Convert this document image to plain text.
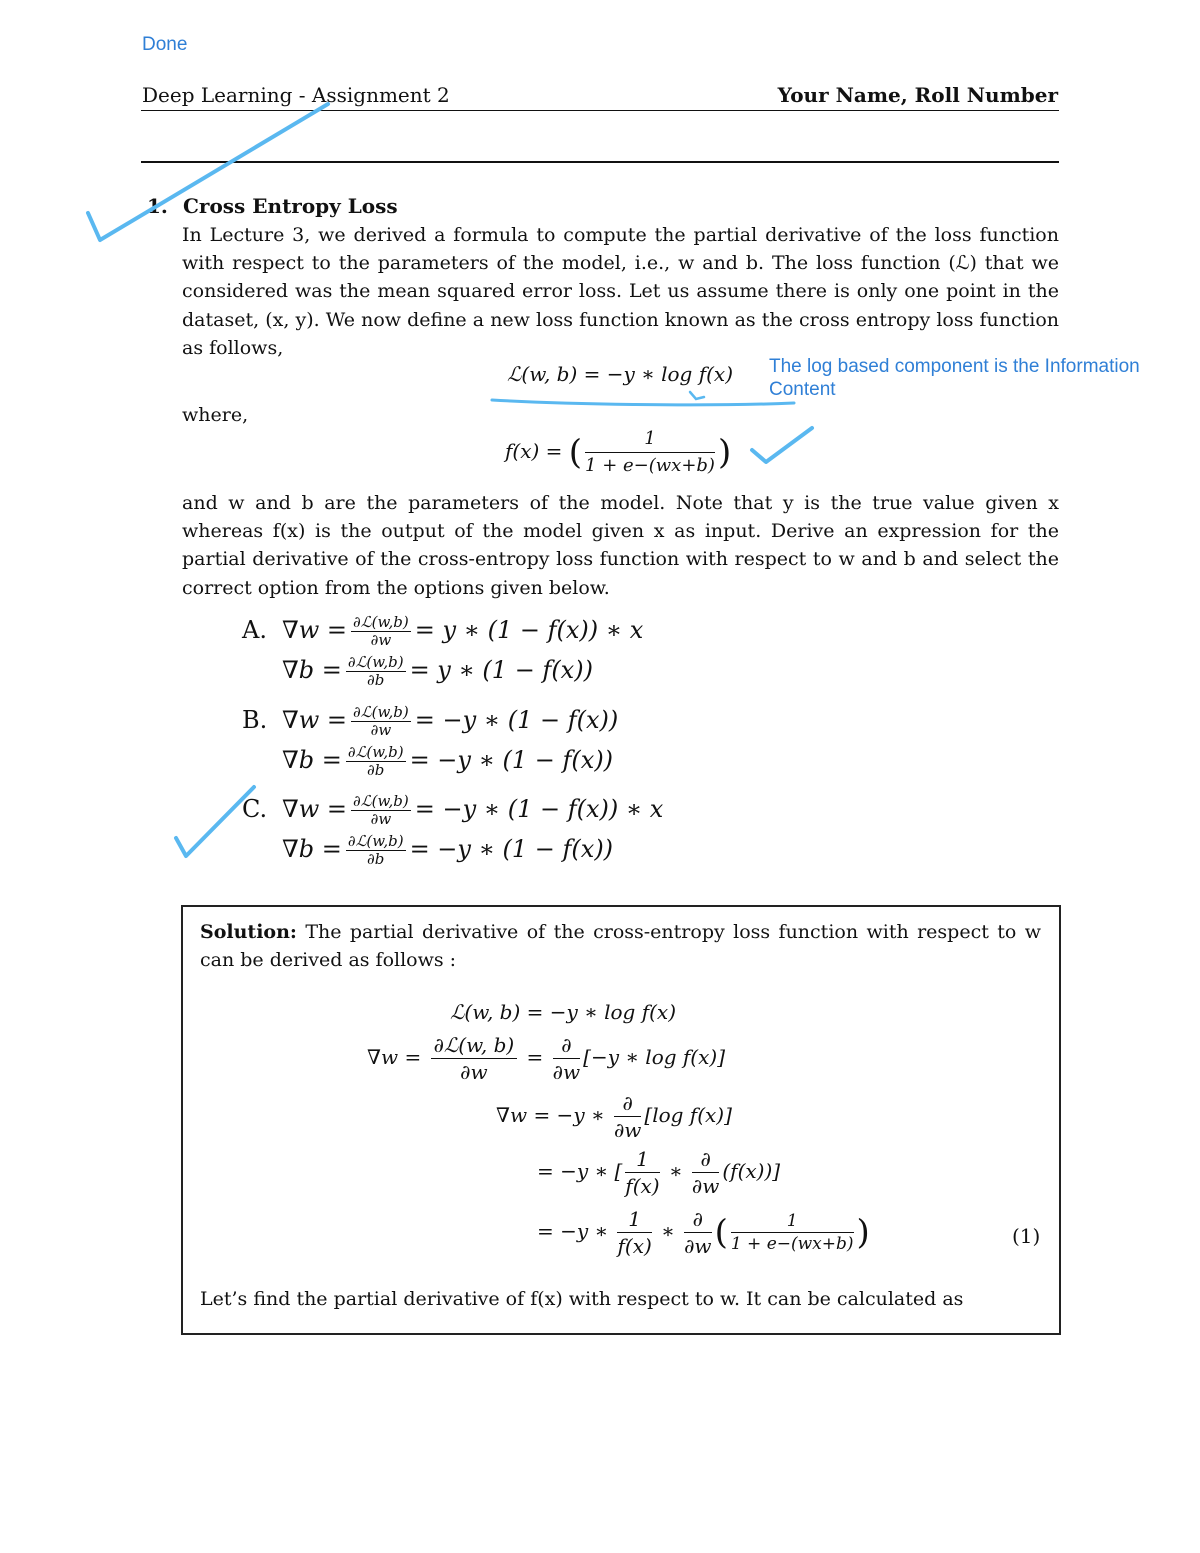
Done
Deep Learning - Assignment 2	Your Name, Roll Number
1. Cross Entropy Loss
In Lecture 3, we derived a formula to compute the partial derivative of the loss function with respect to the parameters of the model, i.e., w and b. The loss function (ℒ) that we considered was the mean squared error loss. Let us assume there is only one point in the dataset, (x, y). We now define a new loss function known as the cross entropy loss function as follows,
ℒ(w, b) = −y ∗ log f(x)
where,
f(x) = ( $\frac{1}{1 + e-(wx+b)}$ )
and w and b are the parameters of the model. Note that y is the true value given x whereas f(x) is the output of the model given x as input. Derive an expression for the partial derivative of the cross-entropy loss function with respect to w and b and select the correct option from the options given below.
A. $\nabla w = \frac{\text{∂ℒ(w,b)}}{\partial w} = y$ ∗ (1 − f(x)) ∗ x
$\nabla b = \frac{\text{∂ℒ(w,b)}}{\partial b} = y$ ∗ (1 − f(x))
B. $\nabla w = \frac{\text{∂ℒ(w,b)}}{\partial w} = -y$ ∗ (1 − f(x))
$\nabla b = \frac{\text{∂ℒ(w,b)}}{\partial b} = -y$ ∗ (1 − f(x))
C. $\nabla w = \frac{\text{∂ℒ(w,b)}}{\partial w} = -y$ ∗ (1 − f(x)) ∗ x
$\nabla b = \frac{\text{∂ℒ(w,b)}}{\partial b} = -y$ ∗ (1 − f(x))
Solution: The partial derivative of the cross-entropy loss function with respect to w can be derived as follows :
ℒ(w, b) = −y ∗ log f(x)
$\nabla w = \frac{\text{∂ℒ(w, b)}}{\partial w} = \frac{\partial}{\partial w} [-y$ ∗ log f(x)]
∇w = −y ∗ $\frac{\partial}{\partial w} [\log$ f(x)]
= −y ∗ [ $\frac{1}{f(x)}$ ∗ $\frac{\partial}{\partial w} (f(x))$]
= −y ∗ $\frac{1}{f(x)}$ ∗ $\frac{\partial}{\partial w}$ ( $\frac{1}{1 + e-(wx+b)}$ )	(1)
Let’s find the partial derivative of f(x) with respect to w. It can be calculated as
The log based component is the Information Content
